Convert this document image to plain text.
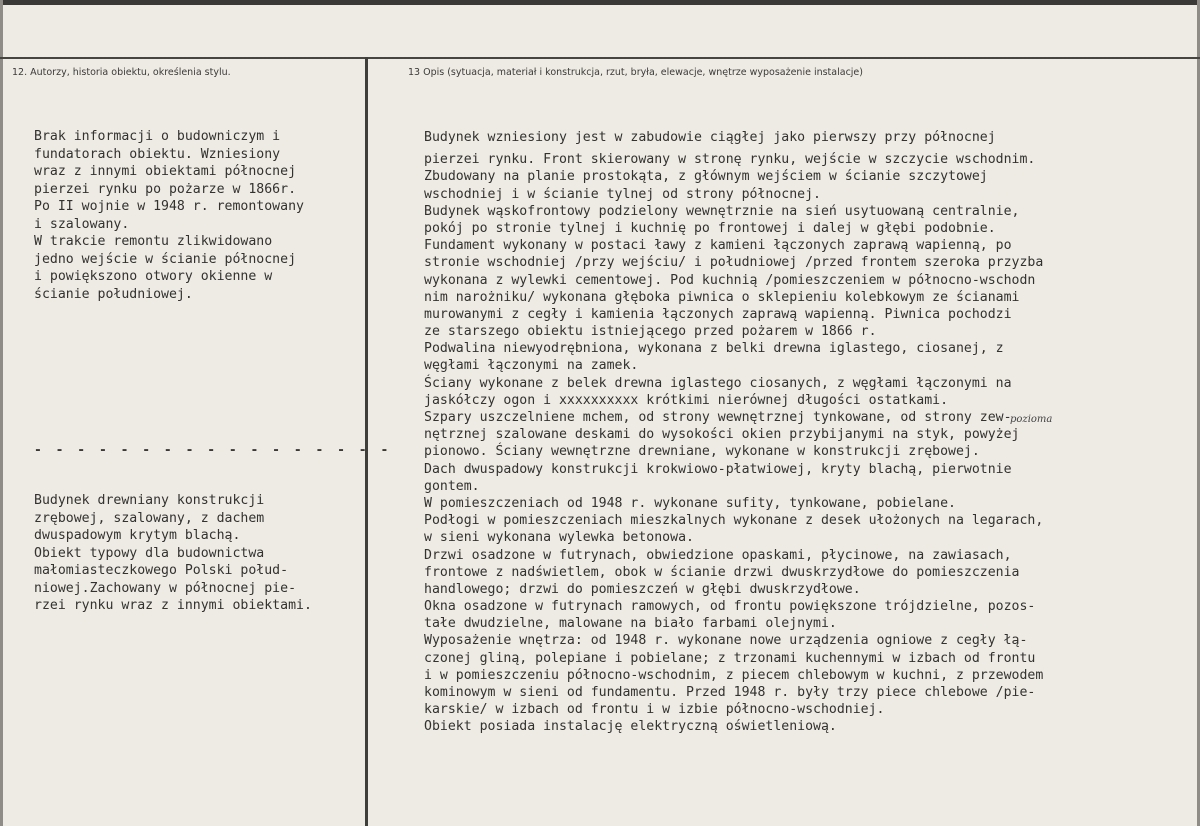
12. Autorzy, historia obiektu, określenia stylu.	13 Opis (sytuacja, materiał i konstrukcja, rzut, bryła, elewacje, wnętrze wyposażenie instalacje)
Brak informacji o budowniczym i
fundatorach obiektu. Wzniesiony
wraz z innymi obiektami północnej
pierzei rynku po pożarze w 1866r.
Po II wojnie w 1948 r. remontowany
i szalowany.
W trakcie remontu zlikwidowano
jedno wejście w ścianie północnej
i powiększono otwory okienne w
ścianie południowej.

- - - - - - - - - - - - - - - - -
Budynek drewniany konstrukcji
zrębowej, szalowany, z dachem
dwuspadowym krytym blachą.
Obiekt typowy dla budownictwa
małomiasteczkowego Polski połud-
niowej.Zachowany w północnej pie-
rzei rynku wraz z innymi obiektami.

Budynek wzniesiony jest w zabudowie ciągłej jako pierwszy przy północnej
pierzei rynku. Front skierowany w stronę rynku, wejście w szczycie wschodnim.
Zbudowany na planie prostokąta, z głównym wejściem w ścianie szczytowej
wschodniej i w ścianie tylnej od strony północnej.
Budynek wąskofrontowy podzielony wewnętrznie na sień usytuowaną centralnie,
pokój po stronie tylnej i kuchnię po frontowej i dalej w głębi podobnie.
Fundament wykonany w postaci ławy z kamieni łączonych zaprawą wapienną, po
stronie wschodniej /przy wejściu/ i południowej /przed frontem szeroka przyzba
wykonana z wylewki cementowej. Pod kuchnią /pomieszczeniem w północno-wschodn
nim narożniku/ wykonana głęboka piwnica o sklepieniu kolebkowym ze ścianami
murowanymi z cegły i kamienia łączonych zaprawą wapienną. Piwnica pochodzi
ze starszego obiektu istniejącego przed pożarem w 1866 r.
Podwalina niewyodrębniona, wykonana z belki drewna iglastego, ciosanej, z
węgłami łączonymi na zamek.
Ściany wykonane z belek drewna iglastego ciosanych, z węgłami łączonymi na
jaskółczy ogon i xxxxxxxxxx krótkimi nierównej długości ostatkami.
Szpary uszczelniene mchem, od strony wewnętrznej tynkowane, od strony zew-
nętrznej szalowane deskami do wysokości okien przybijanymi na styk, powyżej
pionowo. Ściany wewnętrzne drewniane, wykonane w konstrukcji zrębowej.
Dach dwuspadowy konstrukcji krokwiowo-płatwiowej, kryty blachą, pierwotnie
gontem.
W pomieszczeniach od 1948 r. wykonane sufity, tynkowane, pobielane.
Podłogi w pomieszczeniach mieszkalnych wykonane z desek ułożonych na legarach,
w sieni wykonana wylewka betonowa.
Drzwi osadzone w futrynach, obwiedzione opaskami, płycinowe, na zawiasach,
frontowe z nadświetlem, obok w ścianie drzwi dwuskrzydłowe do pomieszczenia
handlowego; drzwi do pomieszczeń w głębi dwuskrzydłowe.
Okna osadzone w futrynach ramowych, od frontu powiększone trójdzielne, pozos-
tałe dwudzielne, malowane na biało farbami olejnymi.
Wyposażenie wnętrza: od 1948 r. wykonane nowe urządzenia ogniowe z cegły łą-
czonej gliną, polepiane i pobielane; z trzonami kuchennymi w izbach od frontu
i w pomieszczeniu północno-wschodnim, z piecem chlebowym w kuchni, z przewodem
kominowym w sieni od fundamentu. Przed 1948 r. były trzy piece chlebowe /pie-
karskie/ w izbach od frontu i w izbie północno-wschodniej.
Obiekt posiada instalację elektryczną oświetleniową.
pozioma
